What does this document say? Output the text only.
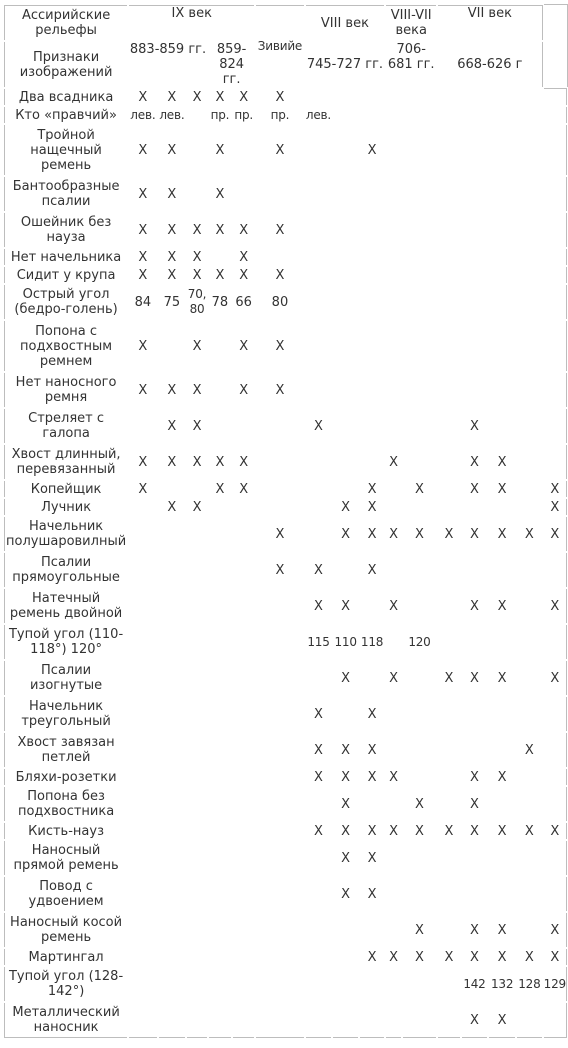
Ассирийские рельефы	IX век					Зивийе	VIII век			VIII-VII века		VII век				
Признаки изображений	883-859 гг.			859-824 гг.			745-727 гг.			706-681 гг.		668-626 г				
Два всадника	X	X	X	X	X	X										
Кто «правчий»	лев.	лев.		пр.	пр.	пр.	лев.									
Тройной нащечный ремень	X	X		X		X			X							
Бантообразные псалии	X	X		X												
Ошейник без науза	X	X	X	X	X	X										
Нет начельника	X	X	X		X											
Сидит у крупа	X	X	X	X	X	X										
Острый угол (бедро-голень)	84	75	70, 80	78	66	80										
Попона с подхвостным ремнем	X		X		X	X										
Нет наносного ремня	X	X	X		X	X										
Стреляет с галопа		X	X				X						X			
Хвост длинный, перевязанный	X	X	X	X	X					X			X	X		
Копейщик	X			X	X				X		X		X	X		X
Лучник		X	X					X	X							X
Начельник полушаровилный						X		X	X	X	X	X	X	X	X	X
Псалии прямоугольные						X	X		X							
Натечный ремень двойной							X	X		X			X	X		X
Тупой угол (110-118°) 120°							115	110	118		120					
Псалии изогнутые								X		X		X	X	X		X
Начельник треугольный							X		X							
Хвост завязан петлей							X	X	X						X	
Бляхи-розетки							X	X	X	X			X	X		
Попона без подхвостника								X			X		X			
Кисть-науз							X	X	X	X	X	X	X	X	X	X
Наносный прямой ремень								X	X							
Повод с удвоением								X	X							
Наносный косой ремень											X		X	X		X
Мартингал									X	X	X	X	X	X	X	X
Тупой угол (128-142°)													142	132	128	129
Металлический наносник													X	X		
